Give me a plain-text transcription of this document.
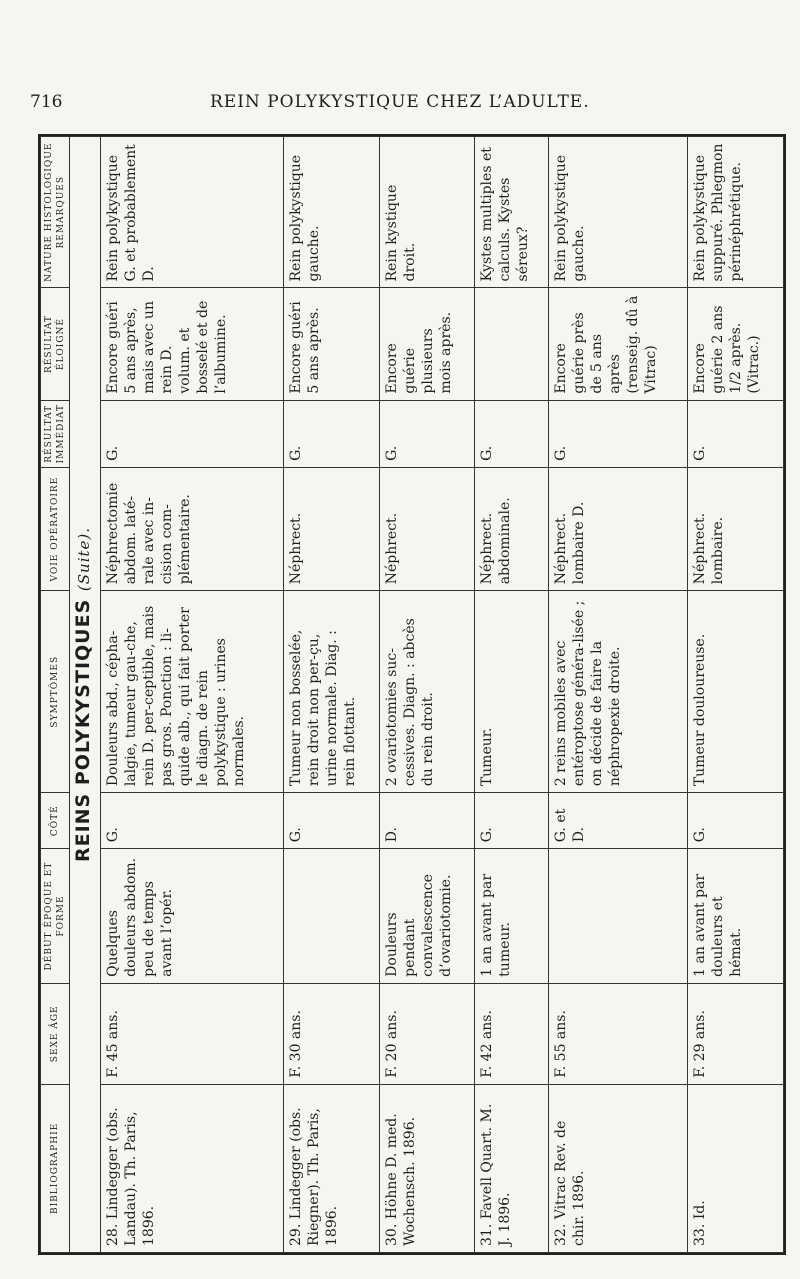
716	REIN POLYKYSTIQUE CHEZ L’ADULTE.
BIBLIOGRAPHIE	SEXE ÂGE	DÉBUT ÉPOQUE ET FORME	CÔTÉ	SYMPTÔMES	VOIE OPÉRATOIRE	RÉSULTAT IMMÉDIAT	RÉSULTAT ÉLOIGNÉ	NATURE HISTOLOGIQUE REMARQUES
REINS POLYKYSTIQUES (Suite).								
28. Lindegger (obs. Landau). Th. Paris, 1896.	F. 45 ans.	Quelques douleurs abdom. peu de temps avant l’opér.	G.	Douleurs abd., cépha-lalgie, tumeur gau-che, rein D. per-ceptible, mais pas gros. Ponction : li-quide alb., qui fait porter le diagn. de rein polykystique : urines normales.	Néphrectomie abdom. laté-rale avec in-cision com-plémentaire.	G.	Encore guéri 5 ans après, mais avec un rein D. volum. et bosselé et de l’albumine.	Rein polykystique G. et probablement D.
29. Lindegger (obs. Riegner). Th. Paris, 1896.	F. 30 ans.		G.	Tumeur non bosselée, rein droit non per-çu, urine normale. Diag. : rein flottant.	Néphrect.	G.	Encore guéri 5 ans après.	Rein polykystique gauche.
30. Höhne D. med. Wochensch. 1896.	F. 20 ans.	Douleurs pendant convalescence d’ovariotomie.	D.	2 ovariotomies suc-cessives. Diagn. : abcès du rein droit.	Néphrect.	G.	Encore guérie plusieurs mois après.	Rein kystique droit.
31. Favell Quart. M. J. 1896.	F. 42 ans.	1 an avant par tumeur.	G.	Tumeur.	Néphrect. abdominale.	G.		Kystes multiples et calculs. Kystes séreux?
32. Vitrac Rev. de chir. 1896.	F. 55 ans.		G. et D.	2 reins mobiles avec entéroptose généra-lisée ; on décide de faire la néphropexie droite.	Néphrect. lombaire D.	G.	Encore guérie près de 5 ans après (renseig. dû à Vitrac)	Rein polykystique gauche.
33. Id.	F. 29 ans.	1 an avant par douleurs et hémat.	G.	Tumeur douloureuse.	Néphrect. lombaire.	G.	Encore guérie 2 ans 1/2 après. (Vitrac.)	Rein polykystique suppuré. Phlegmon périnéphrétique.
